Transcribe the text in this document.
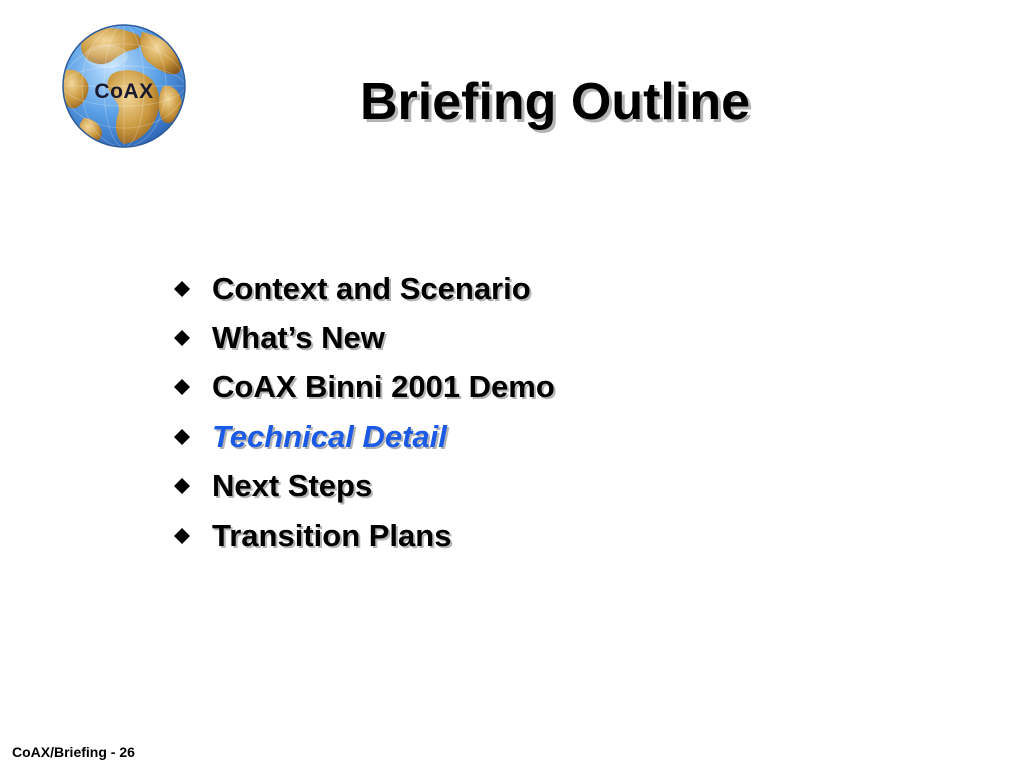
CoAX	Briefing Outline
Context and Scenario
What’s New
CoAX Binni 2001 Demo
Technical Detail
Next Steps
Transition Plans
CoAX/Briefing - 26
